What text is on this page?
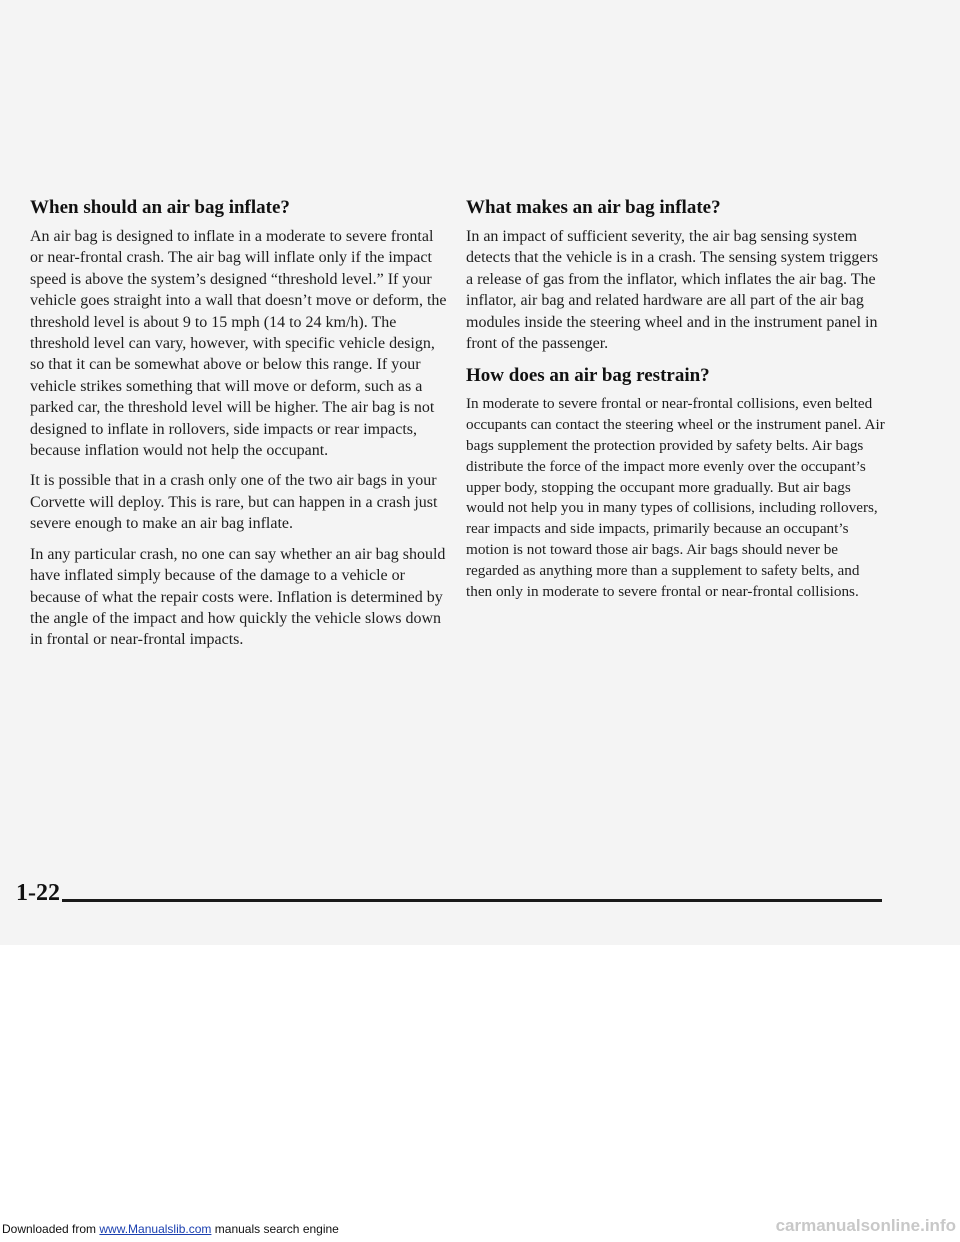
When should an air bag inflate?

An air bag is designed to inflate in a moderate to severe frontal or near-frontal crash. The air bag will inflate only if the impact speed is above the system’s designed “threshold level.” If your vehicle goes straight into a wall that doesn’t move or deform, the threshold level is about 9 to 15 mph (14 to 24 km/h). The threshold level can vary, however, with specific vehicle design, so that it can be somewhat above or below this range. If your vehicle strikes something that will move or deform, such as a parked car, the threshold level will be higher. The air bag is not designed to inflate in rollovers, side impacts or rear impacts, because inflation would not help the occupant.

It is possible that in a crash only one of the two air bags in your Corvette will deploy. This is rare, but can happen in a crash just severe enough to make an air bag inflate.

In any particular crash, no one can say whether an air bag should have inflated simply because of the damage to a vehicle or because of what the repair costs were. Inflation is determined by the angle of the impact and how quickly the vehicle slows down in frontal or near-frontal impacts.

What makes an air bag inflate?

In an impact of sufficient severity, the air bag sensing system detects that the vehicle is in a crash. The sensing system triggers a release of gas from the inflator, which inflates the air bag. The inflator, air bag and related hardware are all part of the air bag modules inside the steering wheel and in the instrument panel in front of the passenger.

How does an air bag restrain?

In moderate to severe frontal or near-frontal collisions, even belted occupants can contact the steering wheel or the instrument panel. Air bags supplement the protection provided by safety belts. Air bags distribute the force of the impact more evenly over the occupant’s upper body, stopping the occupant more gradually. But air bags would not help you in many types of collisions, including rollovers, rear impacts and side impacts, primarily because an occupant’s motion is not toward those air bags. Air bags should never be regarded as anything more than a supplement to safety belts, and then only in moderate to severe frontal or near-frontal collisions.

1-22
Downloaded from www.Manualslib.com manuals search engine	carmanualsonline.info
